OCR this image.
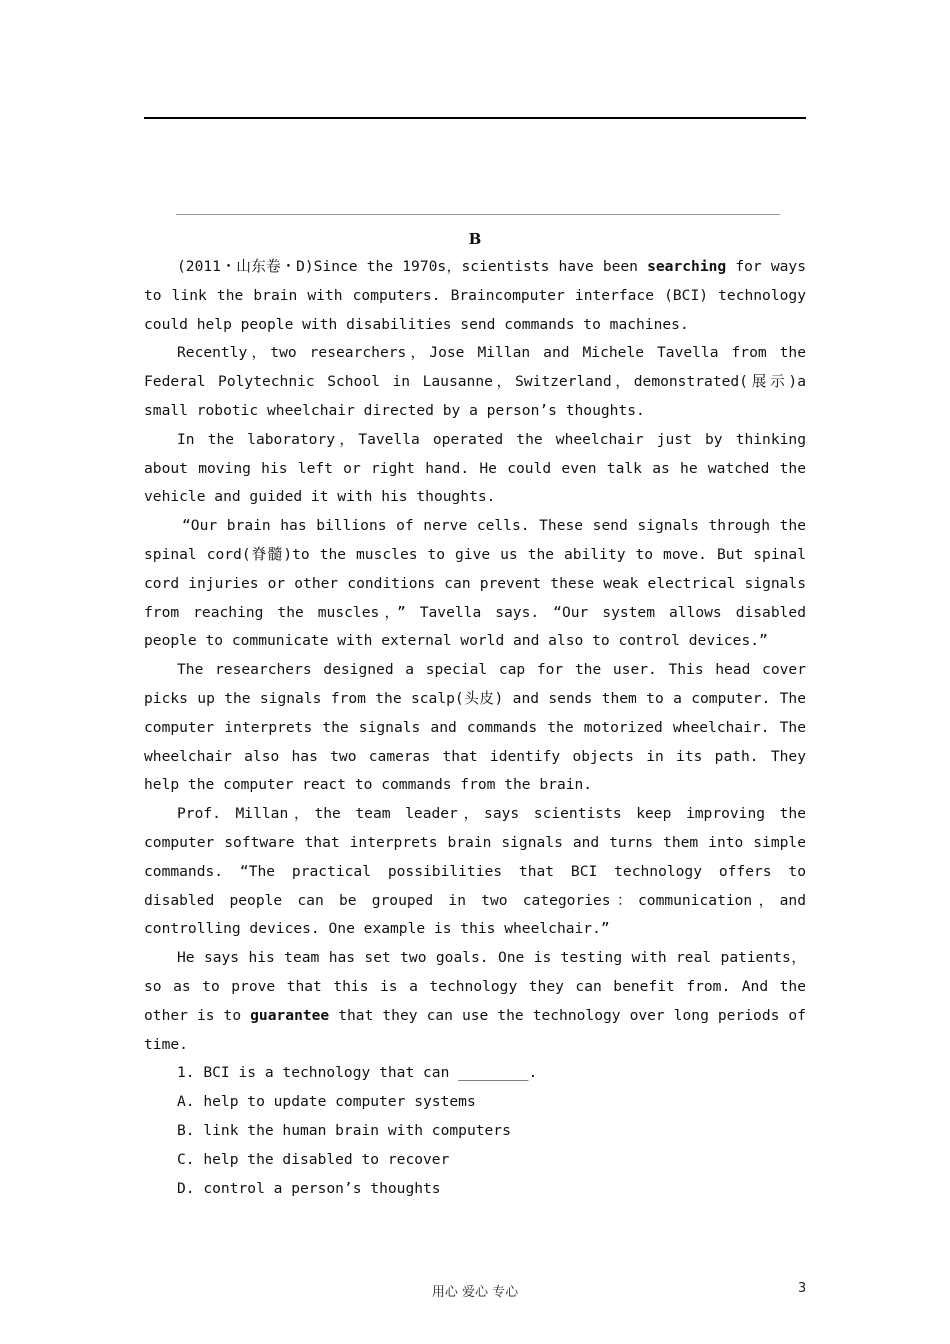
B

(2011・山东卷・D)Since the 1970s，scientists have been searching for ways to link the brain with computers. Braincomputer interface (BCI) technology could help people with disabilities send commands to machines.

Recently，two researchers，Jose Millan and Michele Tavella from the Federal Polytechnic School in Lausanne，Switzerland，demonstrated(展示)a small robotic wheelchair directed by a person’s thoughts.

In the laboratory，Tavella operated the wheelchair just by thinking about moving his left or right hand. He could even talk as he watched the vehicle and guided it with his thoughts.

“Our brain has billions of nerve cells. These send signals through the spinal cord(脊髓)to the muscles to give us the ability to move. But spinal cord injuries or other conditions can prevent these weak electrical signals from reaching the muscles，” Tavella says. “Our system allows disabled people to communicate with external world and also to control devices.”

The researchers designed a special cap for the user. This head cover picks up the signals from the scalp(头皮) and sends them to a computer. The computer interprets the signals and commands the motorized wheelchair. The wheelchair also has two cameras that identify objects in its path. They help the computer react to commands from the brain.

Prof. Millan，the team leader，says scientists keep improving the computer software that interprets brain signals and turns them into simple commands. “The practical possibilities that BCI technology offers to disabled people can be grouped in two categories：communication，and controlling devices. One example is this wheelchair.”

He says his team has set two goals. One is testing with real patients，so as to prove that this is a technology they can benefit from. And the other is to guarantee that they can use the technology over long periods of time.

1. BCI is a technology that can ________.

A. help to update computer systems

B. link the human brain with computers

C. help the disabled to recover

D. control a person’s thoughts

用心 爱心 专心	3
